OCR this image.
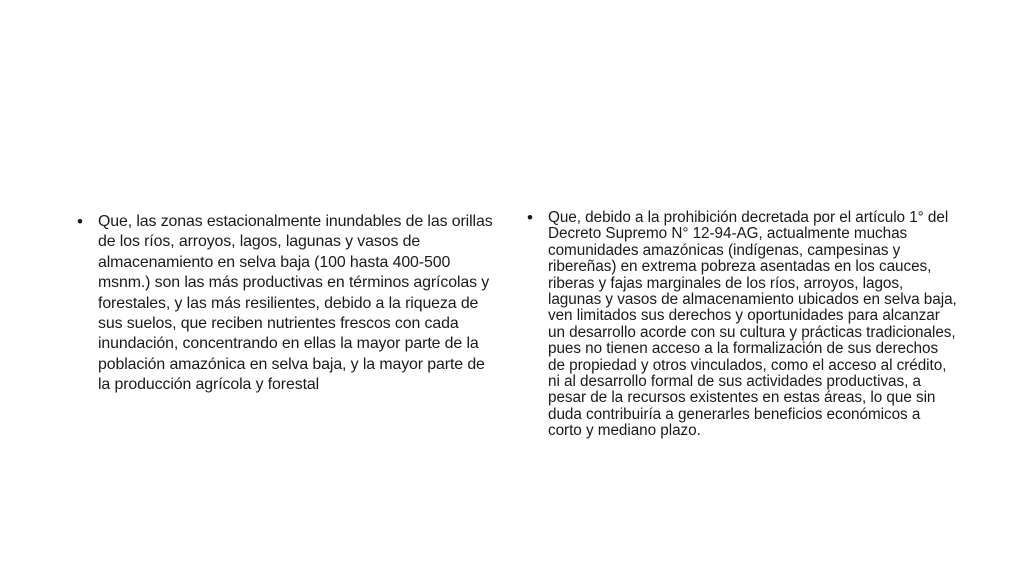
• Que, las zonas estacionalmente inundables de las orillas de los ríos, arroyos, lagos, lagunas y vasos de almacenamiento en selva baja (100 hasta 400-500 msnm.) son las más productivas en términos agrícolas y forestales, y las más resilientes, debido a la riqueza de sus suelos, que reciben nutrientes frescos con cada inundación, concentrando en ellas la mayor parte de la población amazónica en selva baja, y la mayor parte de la producción agrícola y forestal
• Que, debido a la prohibición decretada por el artículo 1° del Decreto Supremo N° 12-94-AG, actualmente muchas comunidades amazónicas (indígenas, campesinas y ribereñas) en extrema pobreza asentadas en los cauces, riberas y fajas marginales de los ríos, arroyos, lagos, lagunas y vasos de almacenamiento ubicados en selva baja, ven limitados sus derechos y oportunidades para alcanzar un desarrollo acorde con su cultura y prácticas tradicionales, pues no tienen acceso a la formalización de sus derechos de propiedad y otros vinculados, como el acceso al crédito, ni al desarrollo formal de sus actividades productivas, a pesar de la recursos existentes en estas áreas, lo que sin duda contribuiría a generarles beneficios económicos a corto y mediano plazo.
